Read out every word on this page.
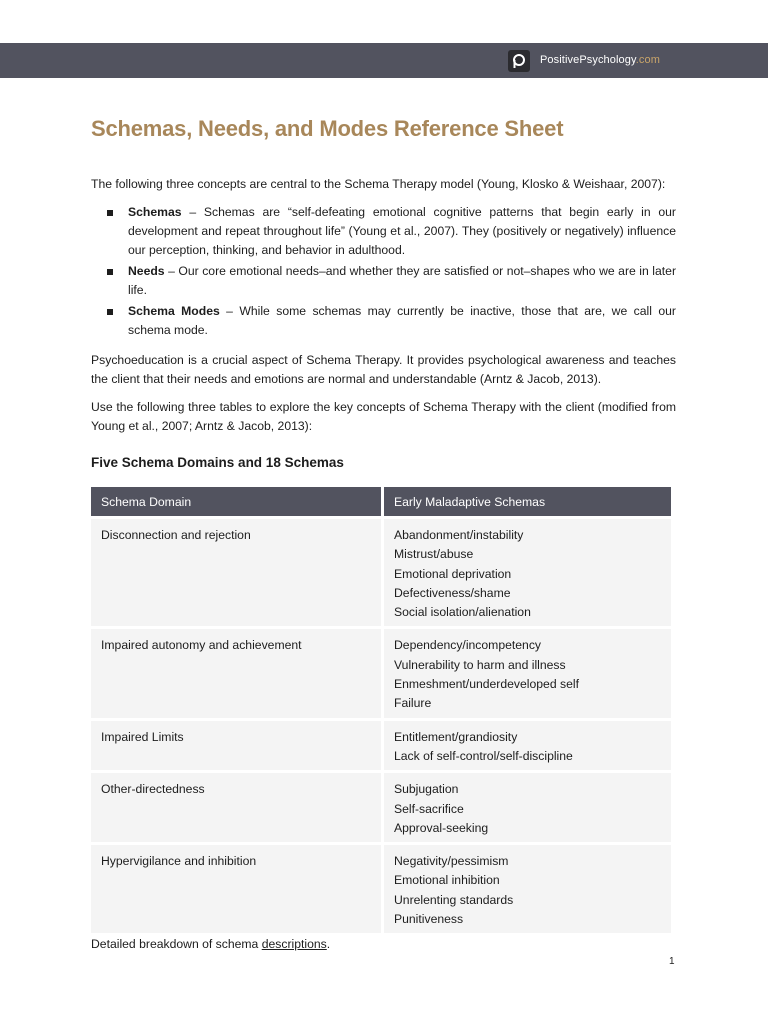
PositivePsychology.com
Schemas, Needs, and Modes Reference Sheet

The following three concepts are central to the Schema Therapy model (Young, Klosko & Weishaar, 2007):

Schemas – Schemas are “self-defeating emotional cognitive patterns that begin early in our development and repeat throughout life” (Young et al., 2007). They (positively or negatively) influence our perception, thinking, and behavior in adulthood.
Needs – Our core emotional needs–and whether they are satisfied or not–shapes who we are in later life.
Schema Modes – While some schemas may currently be inactive, those that are, we call our schema mode.

Psychoeducation is a crucial aspect of Schema Therapy. It provides psychological awareness and teaches the client that their needs and emotions are normal and understandable (Arntz & Jacob, 2013).

Use the following three tables to explore the key concepts of Schema Therapy with the client (modified from Young et al., 2007; Arntz & Jacob, 2013):

Five Schema Domains and 18 Schemas
Schema Domain	Early Maladaptive Schemas
Disconnection and rejection	Abandonment/instability
Mistrust/abuse
Emotional deprivation
Defectiveness/shame
Social isolation/alienation

Impaired autonomy and achievement	Dependency/incompetency
Vulnerability to harm and illness
Enmeshment/underdeveloped self
Failure

Impaired Limits	Entitlement/grandiosity
Lack of self-control/self-discipline

Other-directedness	Subjugation
Self-sacrifice
Approval-seeking

Hypervigilance and inhibition	Negativity/pessimism
Emotional inhibition
Unrelenting standards
Punitiveness

Detailed breakdown of schema descriptions.

1
